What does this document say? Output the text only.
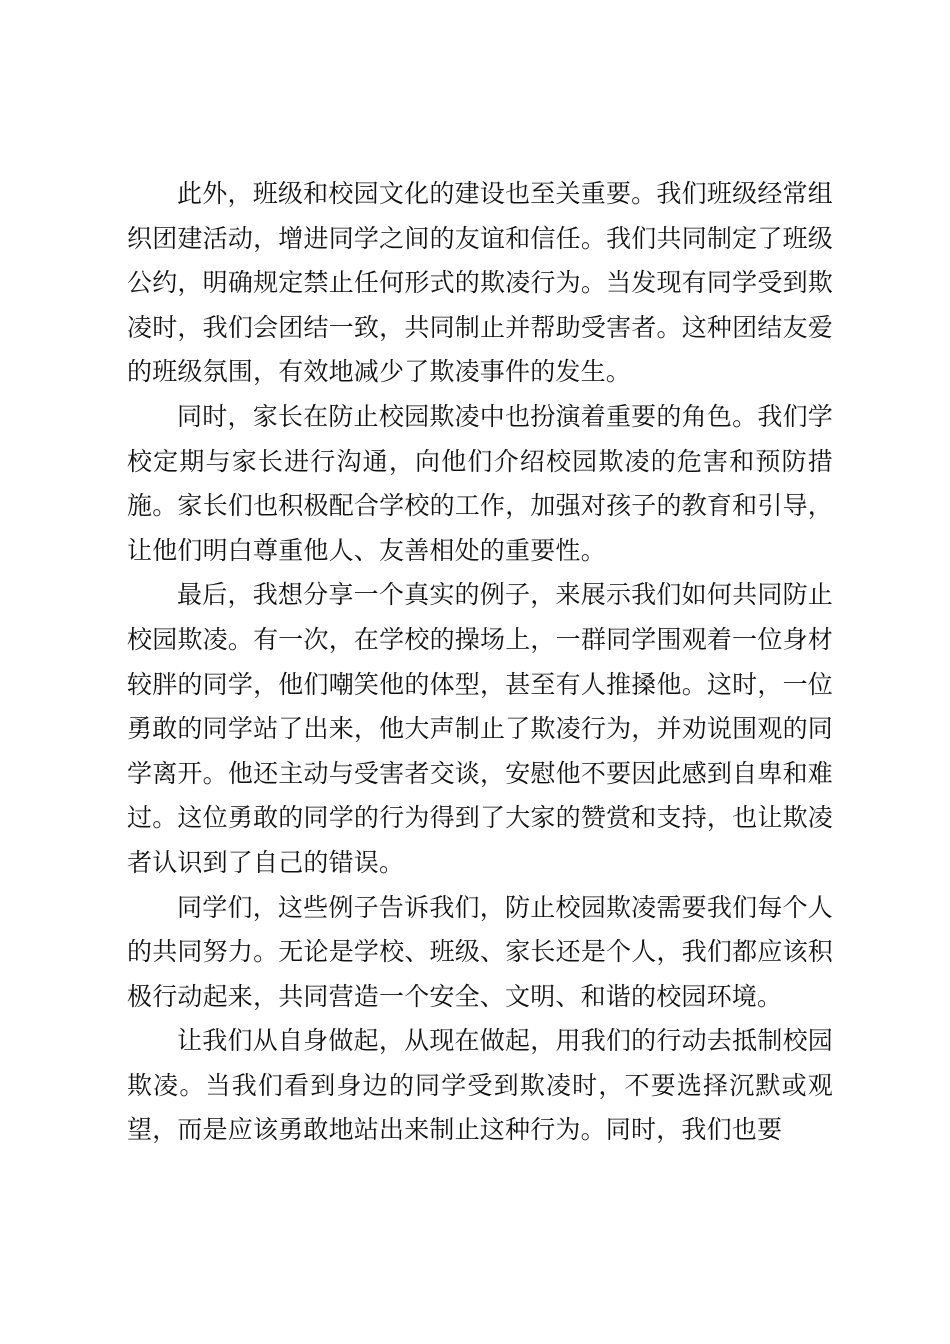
此外，班级和校园文化的建设也至关重要。我们班级经常组织团建活动，增进同学之间的友谊和信任。我们共同制定了班级公约，明确规定禁止任何形式的欺凌行为。当发现有同学受到欺凌时，我们会团结一致，共同制止并帮助受害者。这种团结友爱的班级氛围，有效地减少了欺凌事件的发生。

同时，家长在防止校园欺凌中也扮演着重要的角色。我们学校定期与家长进行沟通，向他们介绍校园欺凌的危害和预防措施。家长们也积极配合学校的工作，加强对孩子的教育和引导，让他们明白尊重他人、友善相处的重要性。

最后，我想分享一个真实的例子，来展示我们如何共同防止校园欺凌。有一次，在学校的操场上，一群同学围观着一位身材较胖的同学，他们嘲笑他的体型，甚至有人推搡他。这时，一位勇敢的同学站了出来，他大声制止了欺凌行为，并劝说围观的同学离开。他还主动与受害者交谈，安慰他不要因此感到自卑和难过。这位勇敢的同学的行为得到了大家的赞赏和支持，也让欺凌者认识到了自己的错误。

同学们，这些例子告诉我们，防止校园欺凌需要我们每个人的共同努力。无论是学校、班级、家长还是个人，我们都应该积极行动起来，共同营造一个安全、文明、和谐的校园环境。

让我们从自身做起，从现在做起，用我们的行动去抵制校园欺凌。当我们看到身边的同学受到欺凌时，不要选择沉默或观望，而是应该勇敢地站出来制止这种行为。同时，我们也要
